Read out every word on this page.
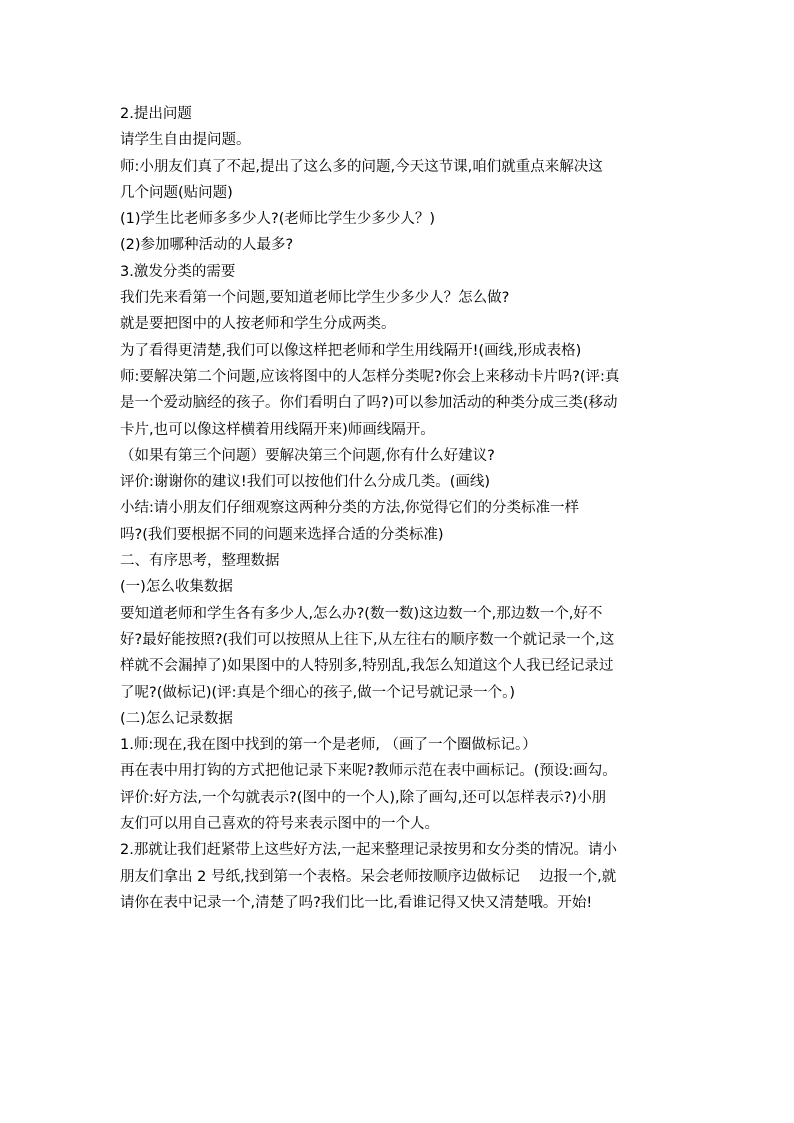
2.提出问题
请学生自由提问题。
师:小朋友们真了不起,提出了这么多的问题,今天这节课,咱们就重点来解决这
几个问题(贴问题)
(1)学生比老师多多少人?(老师比学生少多少人？)
(2)参加哪种活动的人最多?
3.激发分类的需要
我们先来看第一个问题,要知道老师比学生少多少人？怎么做?
就是要把图中的人按老师和学生分成两类。
为了看得更清楚,我们可以像这样把老师和学生用线隔开!(画线,形成表格)
师:要解决第二个问题,应该将图中的人怎样分类呢?你会上来移动卡片吗?(评:真
是一个爱动脑经的孩子。你们看明白了吗?)可以参加活动的种类分成三类(移动
卡片,也可以像这样横着用线隔开来)师画线隔开。
（如果有第三个问题）要解决第三个问题,你有什么好建议?
评价:谢谢你的建议!我们可以按他们什么分成几类。(画线)
小结:请小朋友们仔细观察这两种分类的方法,你觉得它们的分类标准一样
吗?(我们要根据不同的问题来选择合适的分类标准)
二、有序思考，整理数据
(一)怎么收集数据
要知道老师和学生各有多少人,怎么办?(数一数)这边数一个,那边数一个,好不
好?最好能按照?(我们可以按照从上往下,从左往右的顺序数一个就记录一个,这
样就不会漏掉了)如果图中的人特别多,特别乱,我怎么知道这个人我已经记录过
了呢?(做标记)(评:真是个细心的孩子,做一个记号就记录一个。)
(二)怎么记录数据
1.师:现在,我在图中找到的第一个是老师, （画了一个圈做标记。）
再在表中用打钩的方式把他记录下来呢?教师示范在表中画标记。(预设:画勾。
评价:好方法,一个勾就表示?(图中的一个人),除了画勾,还可以怎样表示?)小朋
友们可以用自己喜欢的符号来表示图中的一个人。
2.那就让我们赶紧带上这些好方法,一起来整理记录按男和女分类的情况。请小
朋友们拿出 2 号纸,找到第一个表格。呆会老师按顺序边做标记　 边报一个,就
请你在表中记录一个,清楚了吗?我们比一比,看谁记得又快又清楚哦。开始!
